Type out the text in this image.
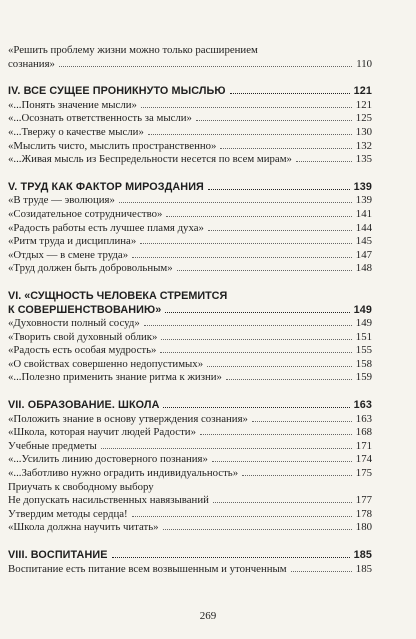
«Решить проблему жизни можно только расширением
сознания»	110
IV. ВСЕ СУЩЕЕ ПРОНИКНУТО МЫСЛЬЮ	121
«...Понять значение мысли»	121
«...Осознать ответственность за мысли»	125
«...Твержу о качестве мысли»	130
«Мыслить чисто, мыслить пространственно»	132
«...Живая мысль из Беспредельности несется по всем мирам»	135
V. ТРУД КАК ФАКТОР МИРОЗДАНИЯ	139
«В труде — эволюция»	139
«Созидательное сотрудничество»	141
«Радость работы есть лучшее пламя духа»	144
«Ритм труда и дисциплина»	145
«Отдых — в смене труда»	147
«Труд должен быть добровольным»	148
VI. «СУЩНОСТЬ ЧЕЛОВЕКА СТРЕМИТСЯ
К СОВЕРШЕНСТВОВАНИЮ»	149
«Духовности полный сосуд»	149
«Творить свой духовный облик»	151
«Радость есть особая мудрость»	155
«О свойствах совершенно недопустимых»	158
«...Полезно применить знание ритма к жизни»	159
VII. ОБРАЗОВАНИЕ. ШКОЛА	163
«Положить знание в основу утверждения сознания»	163
«Школа, которая научит людей Радости»	168
Учебные предметы	171
«...Усилить линию достоверного познания»	174
«...Заботливо нужно оградить индивидуальность»	175
Приучать к свободному выбору
Не допускать насильственных навязываний	177
Утвердим методы сердца!	178
«Школа должна научить читать»	180
VIII. ВОСПИТАНИЕ	185
Воспитание есть питание всем возвышенным и утонченным	185
269
